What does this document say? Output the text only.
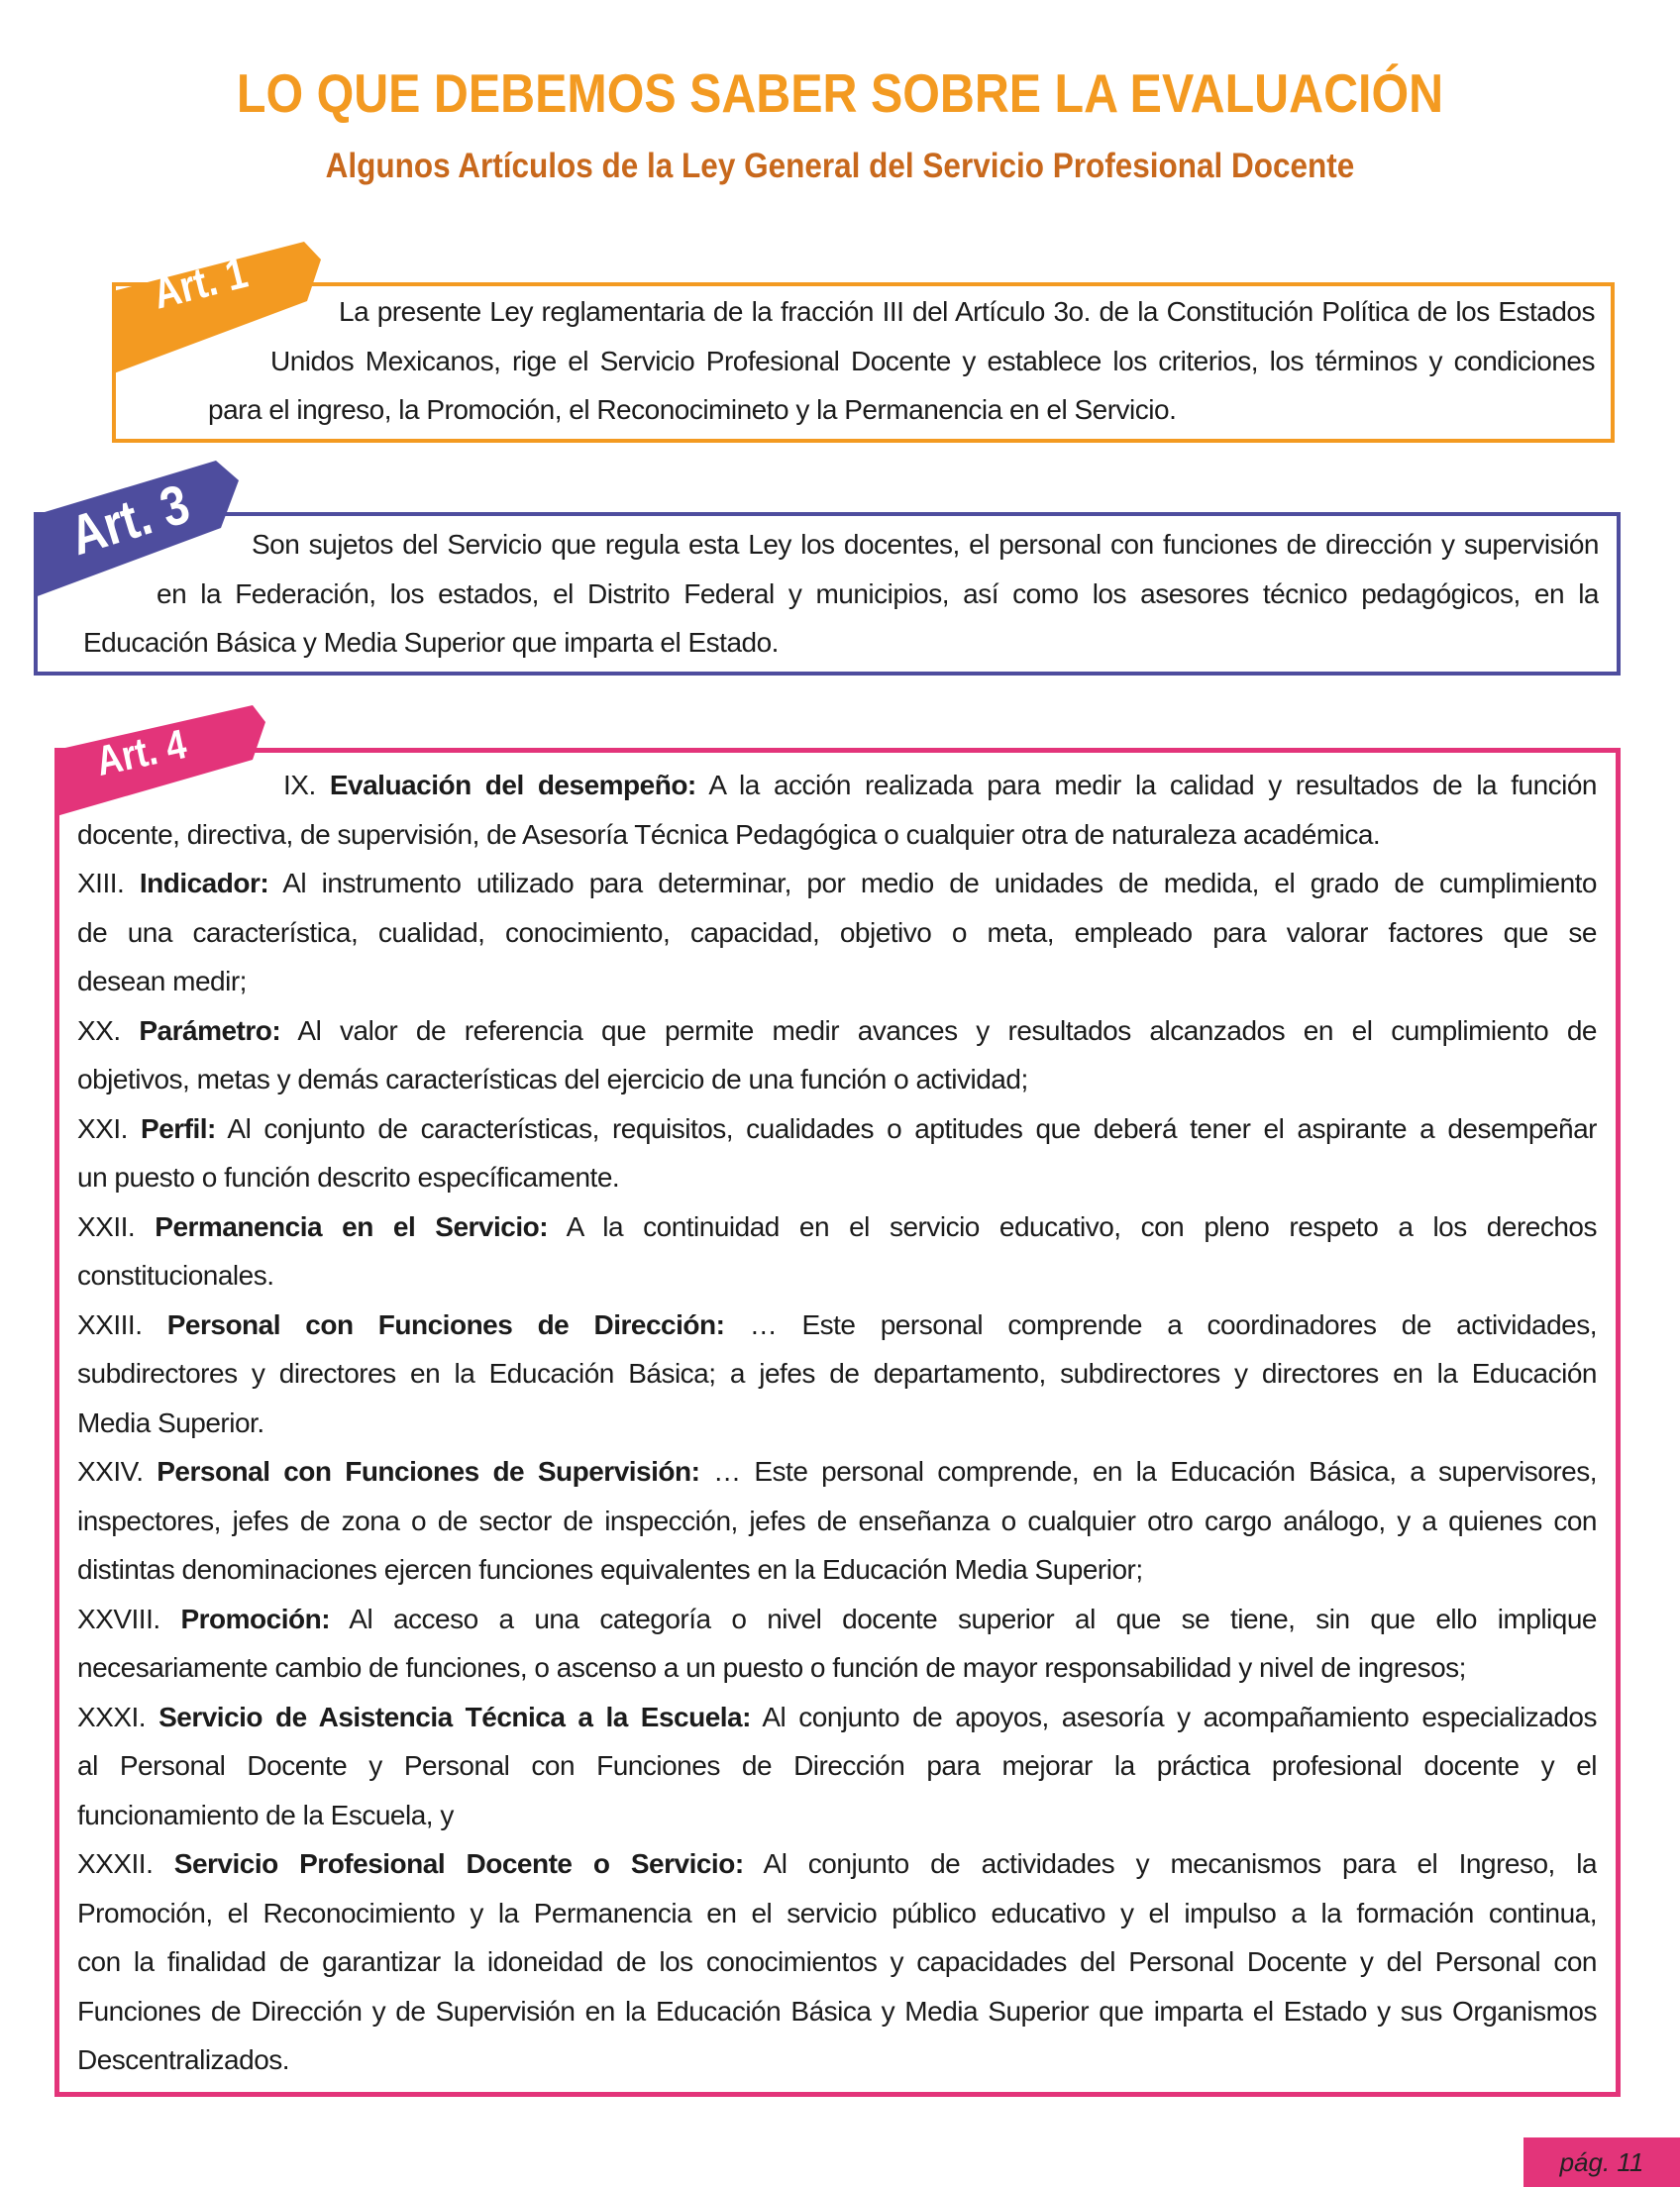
LO QUE DEBEMOS SABER SOBRE LA EVALUACIÓN
Algunos Artículos de la Ley General del Servicio Profesional Docente
Art. 1	La presente Ley reglamentaria de la fracción III del Artículo 3o. de la Constitución Política de los Estados
Unidos Mexicanos, rige el Servicio Profesional Docente y establece los criterios, los términos y condiciones
para el ingreso, la Promoción, el Reconocimineto y la Permanencia en el Servicio.
Art. 3	Son sujetos del Servicio que regula esta Ley los docentes, el personal con funciones de dirección y supervisión
en la Federación, los estados, el Distrito Federal y municipios, así como los asesores técnico pedagógicos, en la
Educación Básica y Media Superior que imparta el Estado.
Art. 4
IX. Evaluación del desempeño: A la acción realizada para medir la calidad y resultados de la función
docente, directiva, de supervisión, de Asesoría Técnica Pedagógica o cualquier otra de naturaleza académica.
XIII. Indicador: Al instrumento utilizado para determinar, por medio de unidades de medida, el grado de cumplimiento
de una característica, cualidad, conocimiento, capacidad, objetivo o meta, empleado para valorar factores que se
desean medir;
XX. Parámetro: Al valor de referencia que permite medir avances y resultados alcanzados en el cumplimiento de
objetivos, metas y demás características del ejercicio de una función o actividad;
XXI. Perfil: Al conjunto de características, requisitos, cualidades o aptitudes que deberá tener el aspirante a desempeñar
un puesto o función descrito específicamente.
XXII. Permanencia en el Servicio: A la continuidad en el servicio educativo, con pleno respeto a los derechos
constitucionales.
XXIII. Personal con Funciones de Dirección: … Este personal comprende a coordinadores de actividades,
subdirectores y directores en la Educación Básica; a jefes de departamento, subdirectores y directores en la Educación
Media Superior.
XXIV. Personal con Funciones de Supervisión: … Este personal comprende, en la Educación Básica, a supervisores,
inspectores, jefes de zona o de sector de inspección, jefes de enseñanza o cualquier otro cargo análogo, y a quienes con
distintas denominaciones ejercen funciones equivalentes en la Educación Media Superior;
XXVIII. Promoción: Al acceso a una categoría o nivel docente superior al que se tiene, sin que ello implique
necesariamente cambio de funciones, o ascenso a un puesto o función de mayor responsabilidad y nivel de ingresos;
XXXI. Servicio de Asistencia Técnica a la Escuela: Al conjunto de apoyos, asesoría y acompañamiento especializados
al Personal Docente y Personal con Funciones de Dirección para mejorar la práctica profesional docente y el
funcionamiento de la Escuela, y
XXXII. Servicio Profesional Docente o Servicio: Al conjunto de actividades y mecanismos para el Ingreso, la
Promoción, el Reconocimiento y la Permanencia en el servicio público educativo y el impulso a la formación continua,
con la finalidad de garantizar la idoneidad de los conocimientos y capacidades del Personal Docente y del Personal con
Funciones de Dirección y de Supervisión en la Educación Básica y Media Superior que imparta el Estado y sus Organismos
Descentralizados.
pág. 11
